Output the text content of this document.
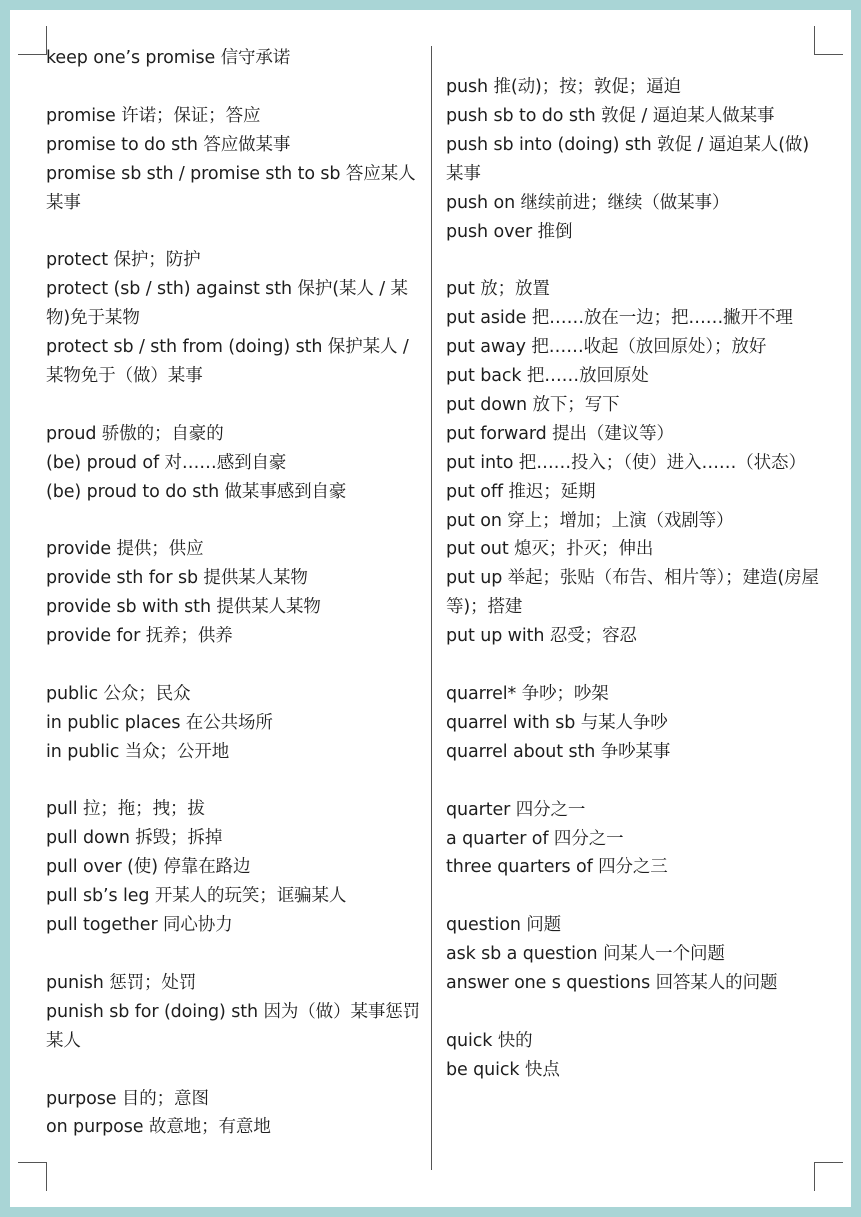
keep one’s promise 信守承诺
promise 许诺；保证；答应
promise to do sth 答应做某事
promise sb sth / promise sth to sb 答应某人某事
protect 保护；防护
protect (sb / sth) against sth 保护(某人 / 某物)免于某物
protect sb / sth from (doing) sth 保护某人 / 某物免于（做）某事
proud 骄傲的；自豪的
(be) proud of 对……感到自豪
(be) proud to do sth 做某事感到自豪
provide 提供；供应
provide sth for sb 提供某人某物
provide sb with sth 提供某人某物
provide for 抚养；供养
public 公众；民众
in public places 在公共场所
in public 当众；公开地
pull 拉；拖；拽；拔
pull down 拆毁；拆掉
pull over (使) 停靠在路边
pull sb’s leg 开某人的玩笑；诓骗某人
pull together 同心协力
punish 惩罚；处罚
punish sb for (doing) sth 因为（做）某事惩罚某人
purpose 目的；意图
on purpose 故意地；有意地
push 推(动)；按；敦促；逼迫
push sb to do sth 敦促 / 逼迫某人做某事
push sb into (doing) sth 敦促 / 逼迫某人(做)某事
push on 继续前进；继续（做某事）
push over 推倒
put 放；放置
put aside 把……放在一边；把……撇开不理
put away 把……收起（放回原处）；放好
put back 把……放回原处
put down 放下；写下
put forward 提出（建议等）
put into 把……投入；（使）进入……（状态）
put off 推迟；延期
put on 穿上；增加；上演（戏剧等）
put out 熄灭；扑灭；伸出
put up 举起；张贴（布告、相片等）；建造(房屋等)；搭建
put up with 忍受；容忍
quarrel* 争吵；吵架
quarrel with sb 与某人争吵
quarrel about sth 争吵某事
quarter 四分之一
a quarter of 四分之一
three quarters of 四分之三
question 问题
ask sb a question 问某人一个问题
answer one s questions 回答某人的问题
quick 快的
be quick 快点
